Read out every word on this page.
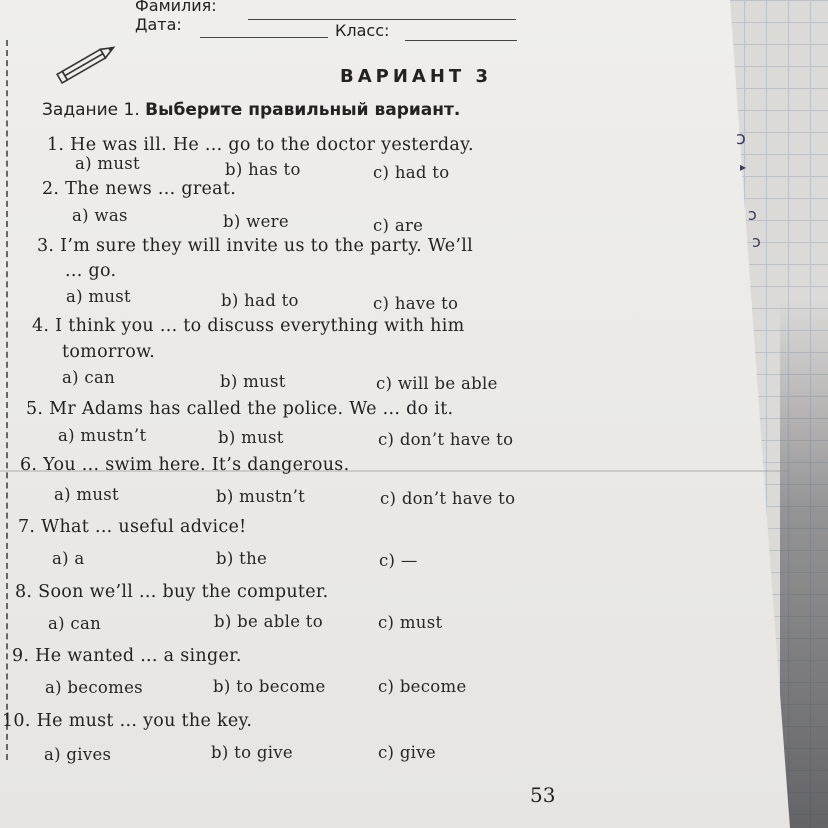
ↄ
▸
ↄ
ↄ
Фамилия:
Дата:	Класс:
ВАРИАНТ 3
Задание 1. Выберите правильный вариант.
1. He was ill. He ... go to the doctor yesterday.
a) must	b) has to	c) had to
2. The news ... great.
a) was	b) were	c) are
3. I’m sure they will invite us to the party. We’ll
... go.
a) must	b) had to	c) have to
4. I think you ... to discuss everything with him
tomorrow.
a) can	b) must	c) will be able
5. Mr Adams has called the police. We ... do it.
a) mustn’t	b) must	c) don’t have to
6. You ... swim here. It’s dangerous.
a) must	b) mustn’t	c) don’t have to
7. What ... useful advice!
a) a	b) the	c) —
8. Soon we’ll ... buy the computer.
a) can	b) be able to	c) must
9. He wanted ... a singer.
a) becomes	b) to become	c) become
10. He must ... you the key.
a) gives	b) to give	c) give
53
